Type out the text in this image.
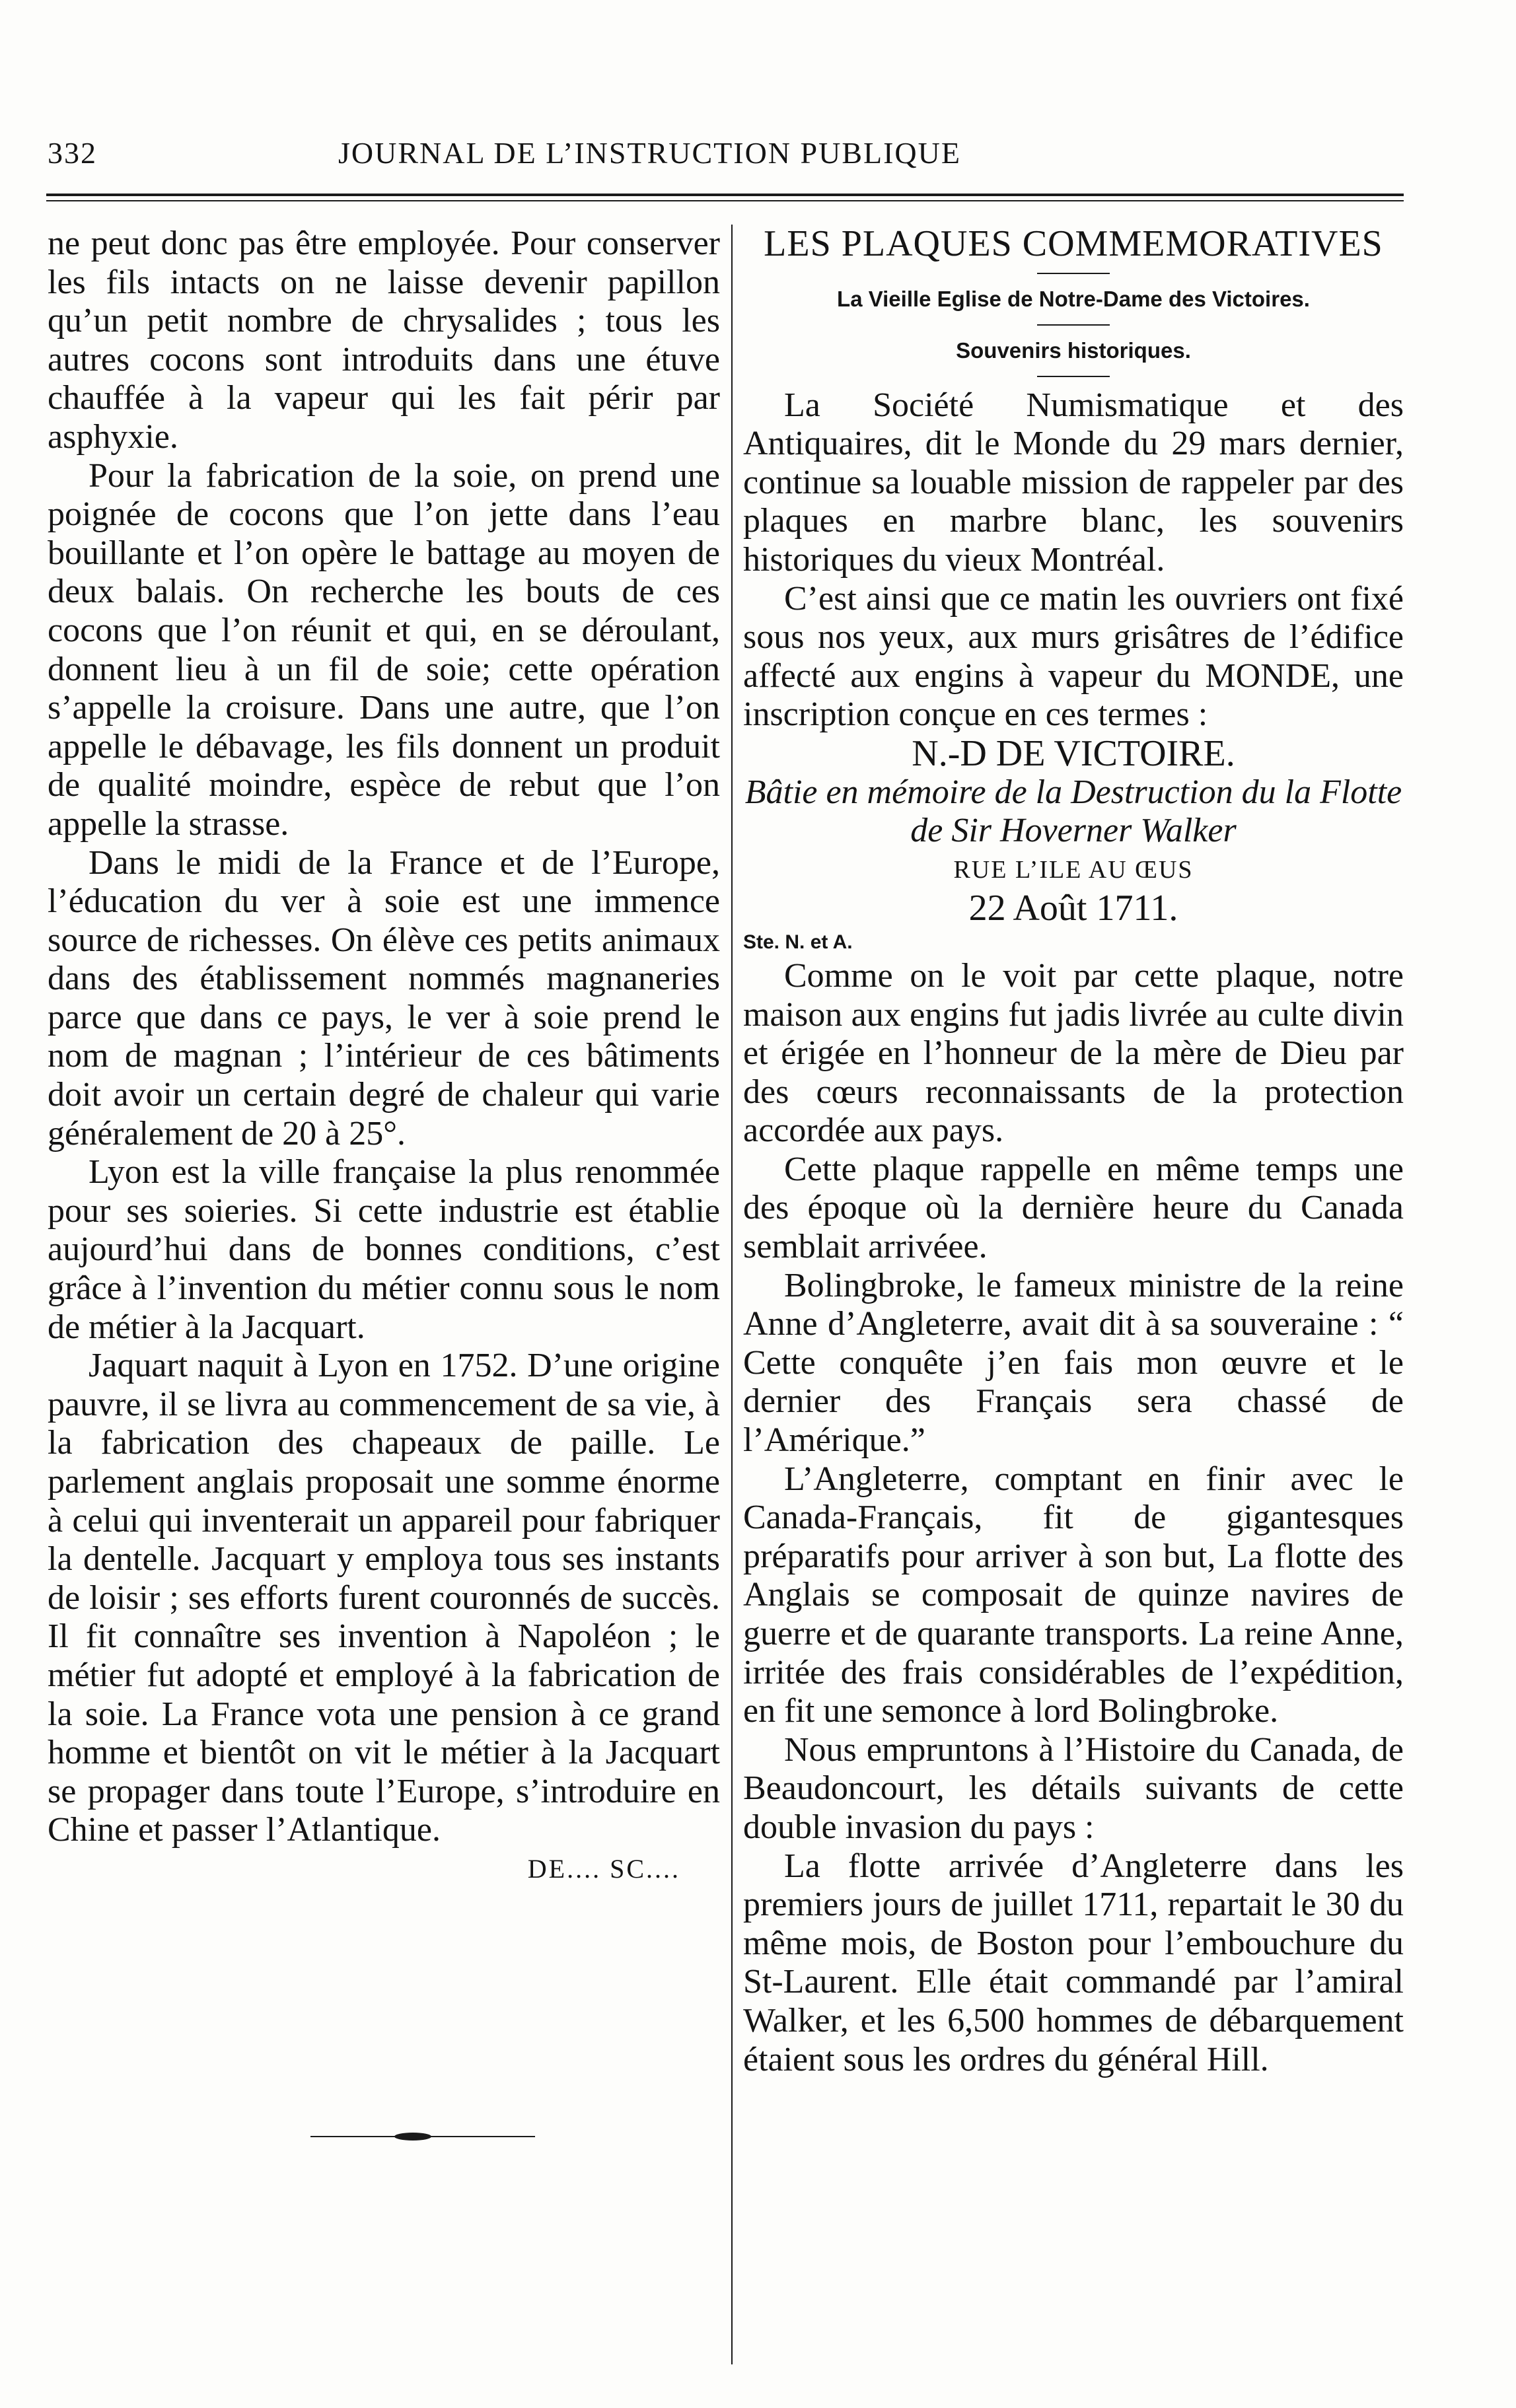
332	JOURNAL DE L’INSTRUCTION PUBLIQUE

ne peut donc pas être employée. Pour conserver les fils intacts on ne laisse devenir papillon qu’un petit nombre de chrysalides ; tous les autres cocons sont introduits dans une étuve chauffée à la vapeur qui les fait périr par asphyxie.

Pour la fabrication de la soie, on prend une poignée de cocons que l’on jette dans l’eau bouillante et l’on opère le battage au moyen de deux balais. On recherche les bouts de ces cocons que l’on réunit et qui, en se déroulant, donnent lieu à un fil de soie; cette opération s’appelle la croisure. Dans une autre, que l’on appelle le débavage, les fils donnent un produit de qualité moindre, espèce de rebut que l’on appelle la strasse.

Dans le midi de la France et de l’Europe, l’éducation du ver à soie est une immence source de richesses. On élève ces petits animaux dans des établissement nommés magnaneries parce que dans ce pays, le ver à soie prend le nom de magnan ; l’intérieur de ces bâtiments doit avoir un certain degré de chaleur qui varie généralement de 20 à 25°.

Lyon est la ville française la plus renommée pour ses soieries. Si cette industrie est établie aujourd’hui dans de bonnes conditions, c’est grâce à l’invention du métier connu sous le nom de métier à la Jacquart.

Jaquart naquit à Lyon en 1752. D’une origine pauvre, il se livra au commencement de sa vie, à la fabrication des chapeaux de paille. Le parlement anglais proposait une somme énorme à celui qui inventerait un appareil pour fabriquer la dentelle. Jacquart y employa tous ses instants de loisir ; ses efforts furent couronnés de succès. Il fit connaître ses invention à Napoléon ; le métier fut adopté et employé à la fabrication de la soie. La France vota une pension à ce grand homme et bientôt on vit le métier à la Jacquart se propager dans toute l’Europe, s’introduire en Chine et passer l’Atlantique.

DE.... SC....
LES PLAQUES COMMEMORATIVES
La Vieille Eglise de Notre-Dame des Victoires.
Souvenirs historiques.

La Société Numismatique et des Antiquaires, dit le Monde du 29 mars dernier, continue sa louable mission de rappeler par des plaques en marbre blanc, les souvenirs historiques du vieux Montréal.

C’est ainsi que ce matin les ouvriers ont fixé sous nos yeux, aux murs grisâtres de l’édifice affecté aux engins à vapeur du MONDE, une inscription conçue en ces termes :

N.-D DE VICTOIRE.

Bâtie en mémoire de la Destruction du la Flotte de Sir Hoverner Walker

RUE L’ILE AU ŒUS

22 Août 1711.

Ste. N. et A.

Comme on le voit par cette plaque, notre maison aux engins fut jadis livrée au culte divin et érigée en l’honneur de la mère de Dieu par des cœurs reconnaissants de la protection accordée aux pays.

Cette plaque rappelle en même temps une des époque où la dernière heure du Canada semblait arrivéee.

Bolingbroke, le fameux ministre de la reine Anne d’Angleterre, avait dit à sa souveraine : “ Cette conquête j’en fais mon œuvre et le dernier des Français sera chassé de l’Amérique.”

L’Angleterre, comptant en finir avec le Canada-Français, fit de gigantesques préparatifs pour arriver à son but, La flotte des Anglais se composait de quinze navires de guerre et de quarante transports. La reine Anne, irritée des frais considérables de l’expédition, en fit une semonce à lord Bolingbroke.

Nous empruntons à l’Histoire du Canada, de Beaudoncourt, les détails suivants de cette double invasion du pays :

La flotte arrivée d’Angleterre dans les premiers jours de juillet 1711, repartait le 30 du même mois, de Boston pour l’embouchure du St-Laurent. Elle était commandé par l’amiral Walker, et les 6,500 hommes de débarquement étaient sous les ordres du général Hill.
